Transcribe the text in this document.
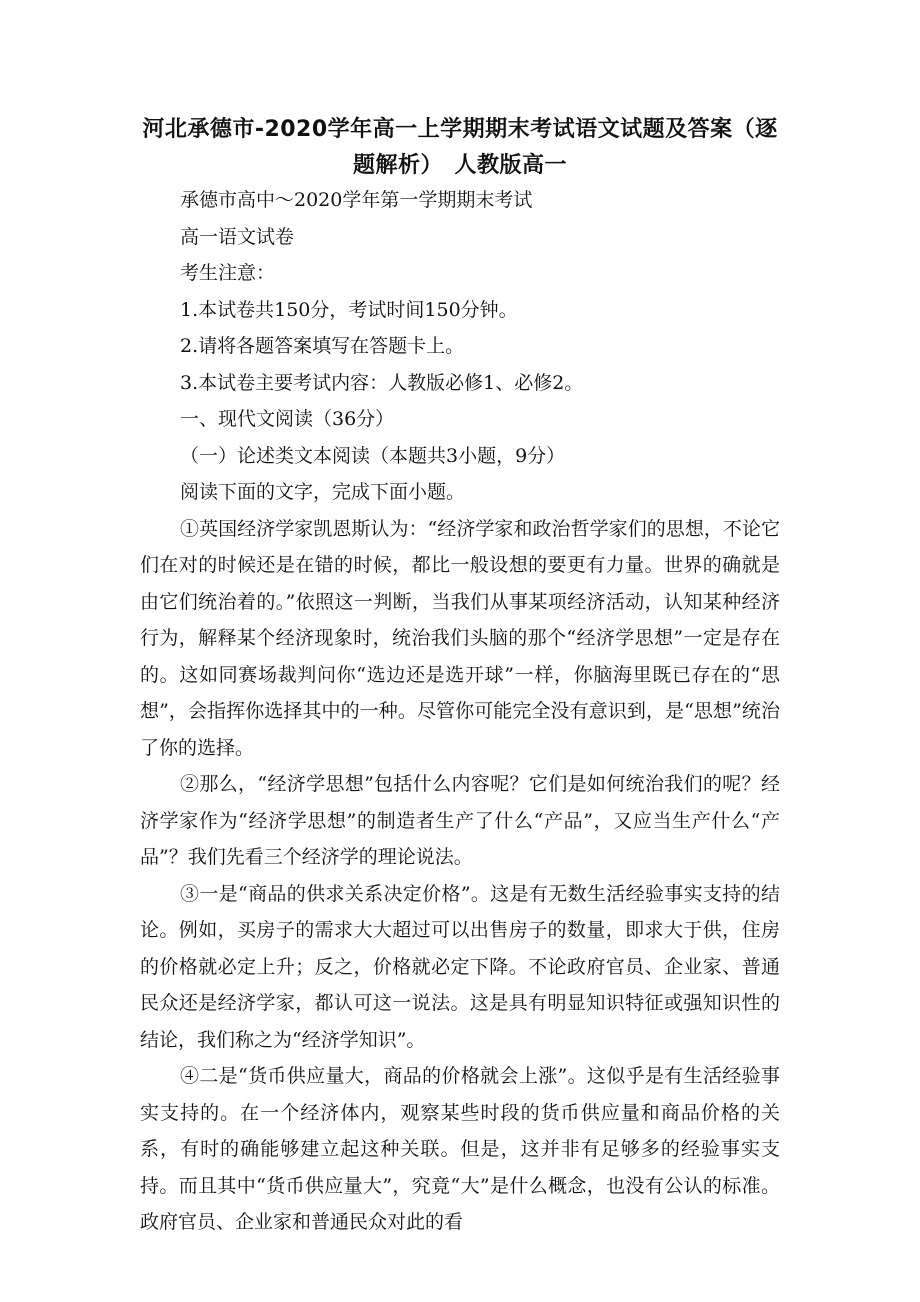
河北承德市-2020学年高一上学期期末考试语文试题及答案（逐
题解析）　人教版高一

承德市高中～2020学年第一学期期末考试

高一语文试卷

考生注意：

1.本试卷共150分，考试时间150分钟。

2.请将各题答案填写在答题卡上。

3.本试卷主要考试内容：人教版必修1、必修2。

一、现代文阅读（36分）

（一）论述类文本阅读（本题共3小题，9分）

阅读下面的文字，完成下面小题。

①英国经济学家凯恩斯认为：“经济学家和政治哲学家们的思想，不论它们在对的时候还是在错的时候，都比一般设想的要更有力量。世界的确就是由它们统治着的。”依照这一判断，当我们从事某项经济活动，认知某种经济行为，解释某个经济现象时，统治我们头脑的那个“经济学思想”一定是存在的。这如同赛场裁判问你“选边还是选开球”一样，你脑海里既已存在的“思想”，会指挥你选择其中的一种。尽管你可能完全没有意识到，是“思想”统治了你的选择。

②那么，“经济学思想”包括什么内容呢？它们是如何统治我们的呢？经济学家作为“经济学思想”的制造者生产了什么“产品”，又应当生产什么“产品”？我们先看三个经济学的理论说法。

③一是“商品的供求关系决定价格”。这是有无数生活经验事实支持的结论。例如，买房子的需求大大超过可以出售房子的数量，即求大于供，住房的价格就必定上升；反之，价格就必定下降。不论政府官员、企业家、普通民众还是经济学家，都认可这一说法。这是具有明显知识特征或强知识性的结论，我们称之为“经济学知识”。

④二是“货币供应量大，商品的价格就会上涨”。这似乎是有生活经验事实支持的。在一个经济体内，观察某些时段的货币供应量和商品价格的关系，有时的确能够建立起这种关联。但是，这并非有足够多的经验事实支持。而且其中“货币供应量大”，究竟“大”是什么概念，也没有公认的标准。政府官员、企业家和普通民众对此的看
